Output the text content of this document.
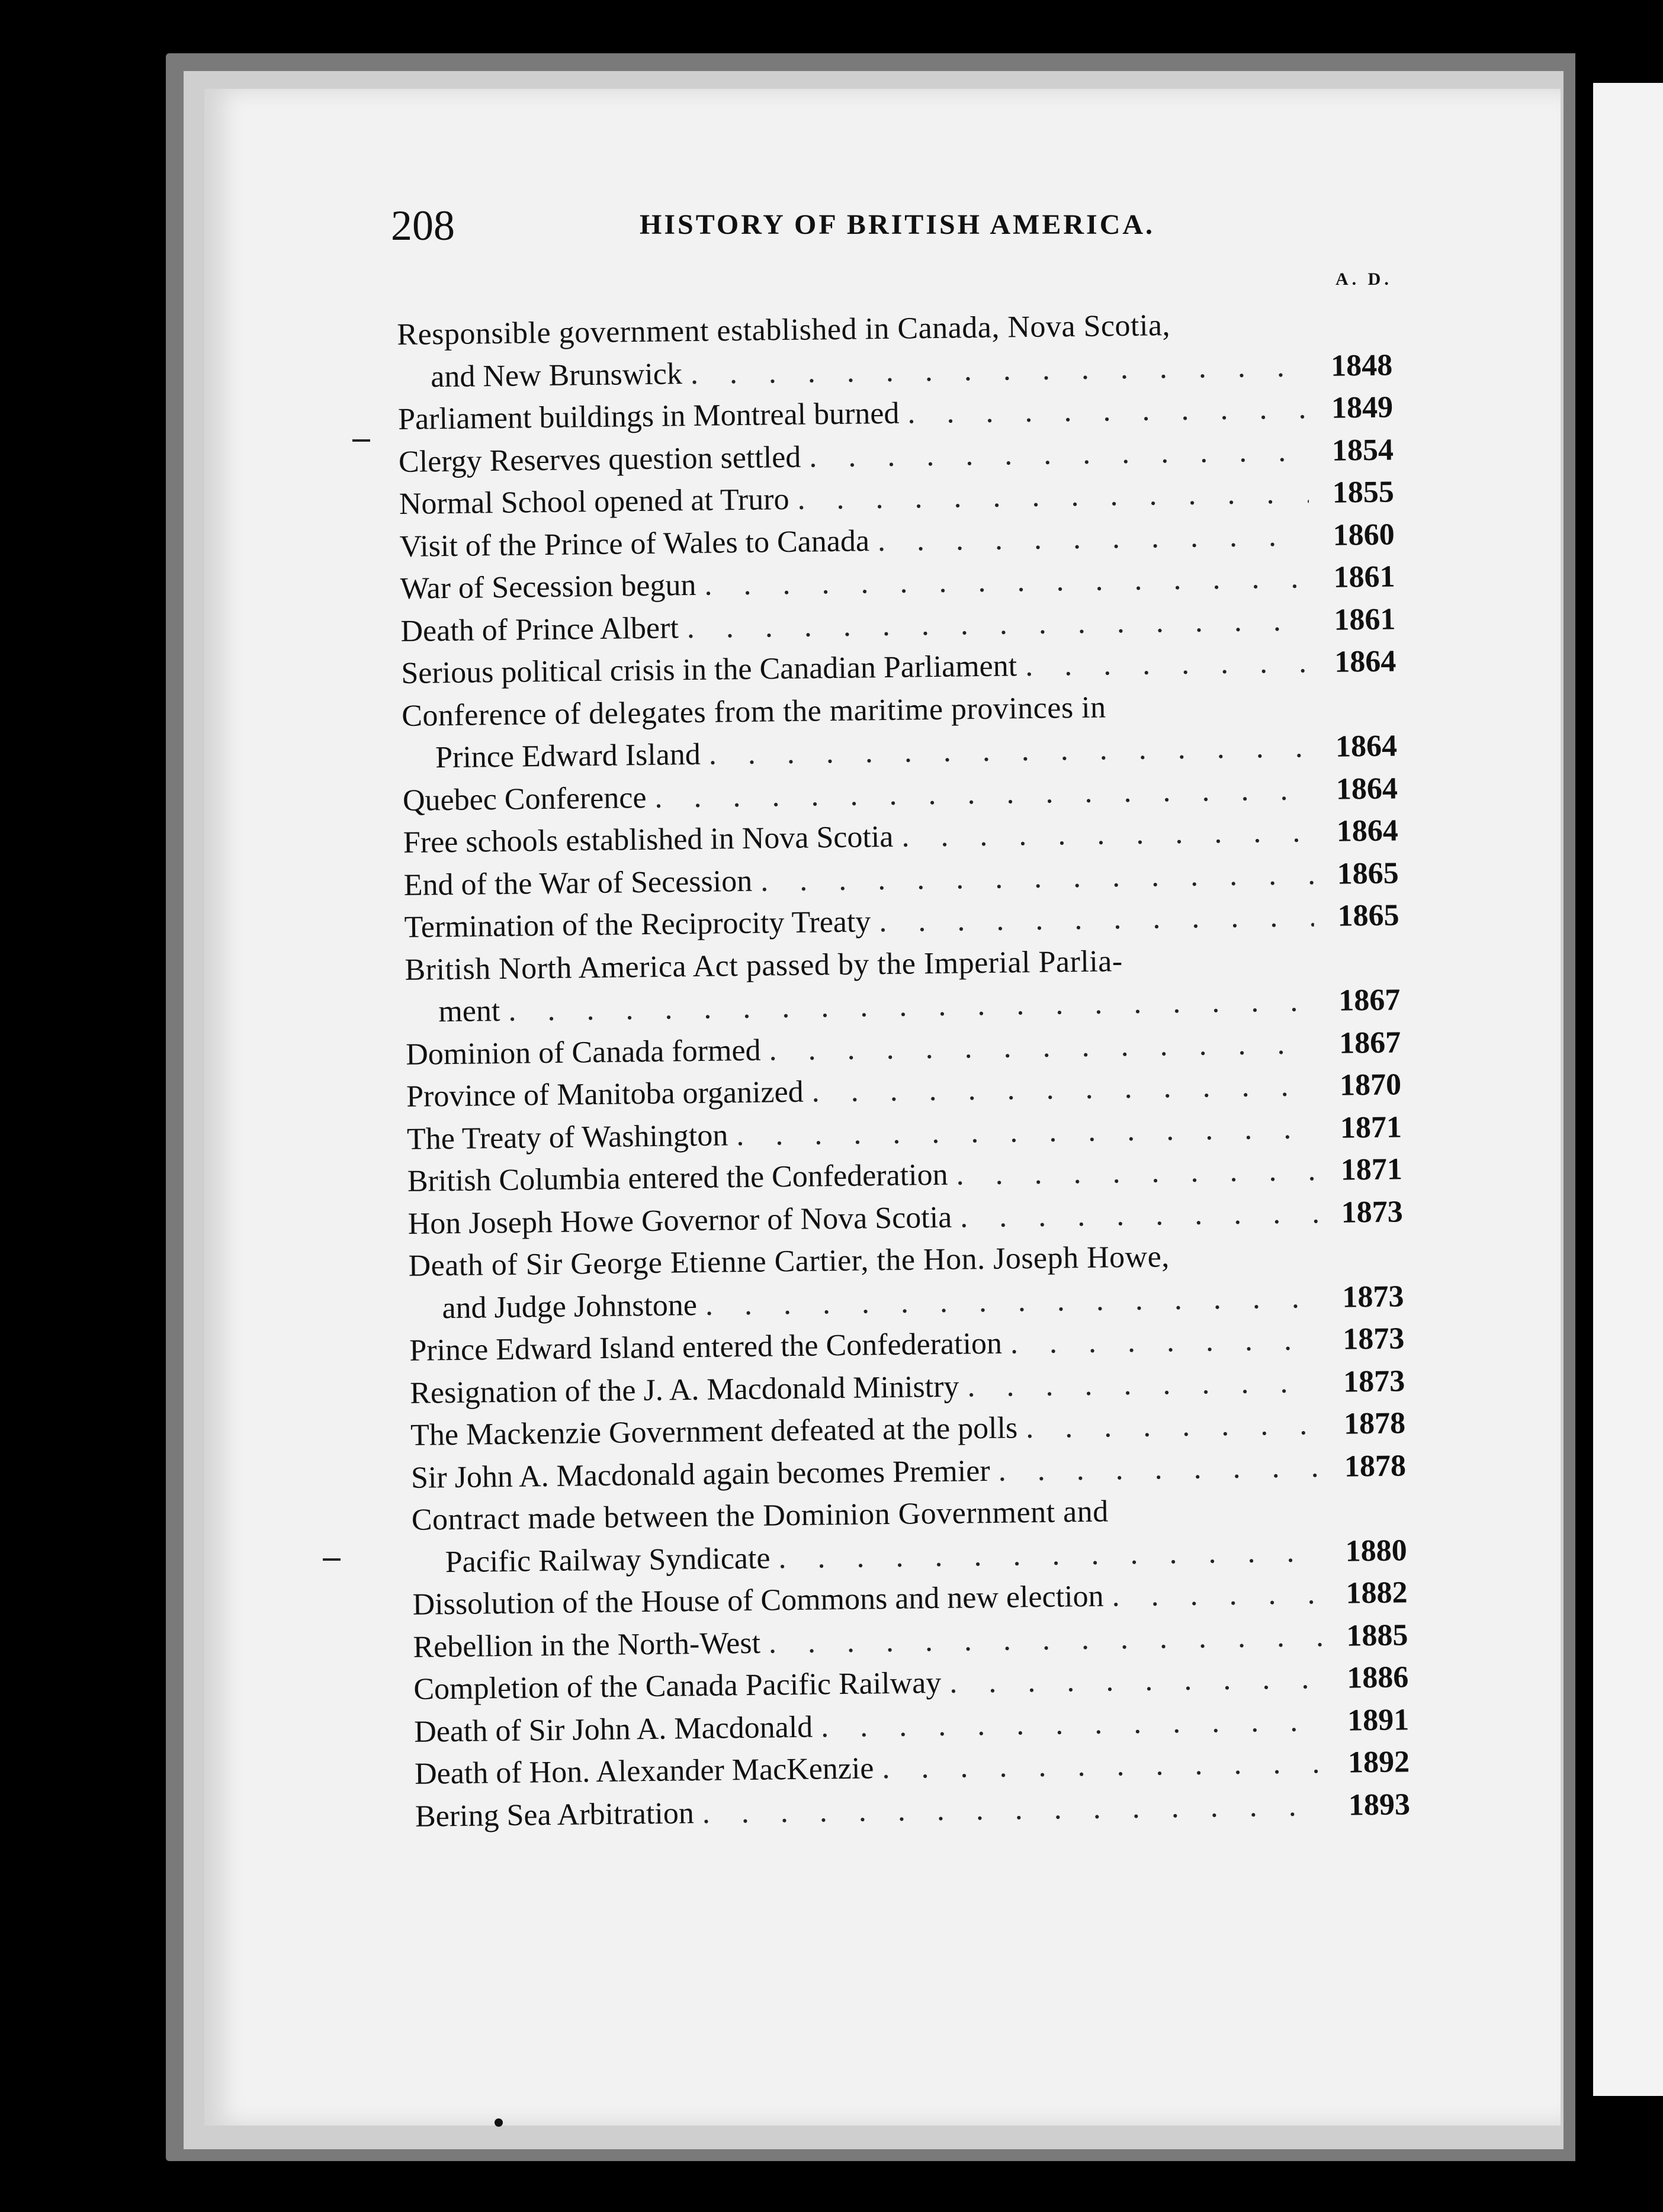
208	HISTORY OF BRITISH AMERICA.
A. D.
Responsible government established in Canada, Nova Scotia,
and New Brunswick . . .	1848
Parliament buildings in Montreal burned . . .	1849
Clergy Reserves question settled . . .	1854
Normal School opened at Truro . . .	1855
Visit of the Prince of Wales to Canada . . .	1860
War of Secession begun . . .	1861
Death of Prince Albert . . .	1861
Serious political crisis in the Canadian Parliament . . .	1864
Conference of delegates from the maritime provinces in
Prince Edward Island . . .	1864
Quebec Conference . . .	1864
Free schools established in Nova Scotia . . .	1864
End of the War of Secession . . .	1865
Termination of the Reciprocity Treaty . . .	1865
British North America Act passed by the Imperial Parlia-
ment . . .	1867
Dominion of Canada formed . . .	1867
Province of Manitoba organized . . .	1870
The Treaty of Washington . . .	1871
British Columbia entered the Confederation . . .	1871
Hon Joseph Howe Governor of Nova Scotia . . .	1873
Death of Sir George Etienne Cartier, the Hon. Joseph Howe,
and Judge Johnstone . . .	1873
Prince Edward Island entered the Confederation . . .	1873
Resignation of the J. A. Macdonald Ministry . . .	1873
The Mackenzie Government defeated at the polls . . .	1878
Sir John A. Macdonald again becomes Premier . . .	1878
Contract made between the Dominion Government and
Pacific Railway Syndicate . . .	1880
Dissolution of the House of Commons and new election . . .	1882
Rebellion in the North-West . . .	1885
Completion of the Canada Pacific Railway . . .	1886
Death of Sir John A. Macdonald . . .	1891
Death of Hon. Alexander MacKenzie . . .	1892
Bering Sea Arbitration . . .	1893
